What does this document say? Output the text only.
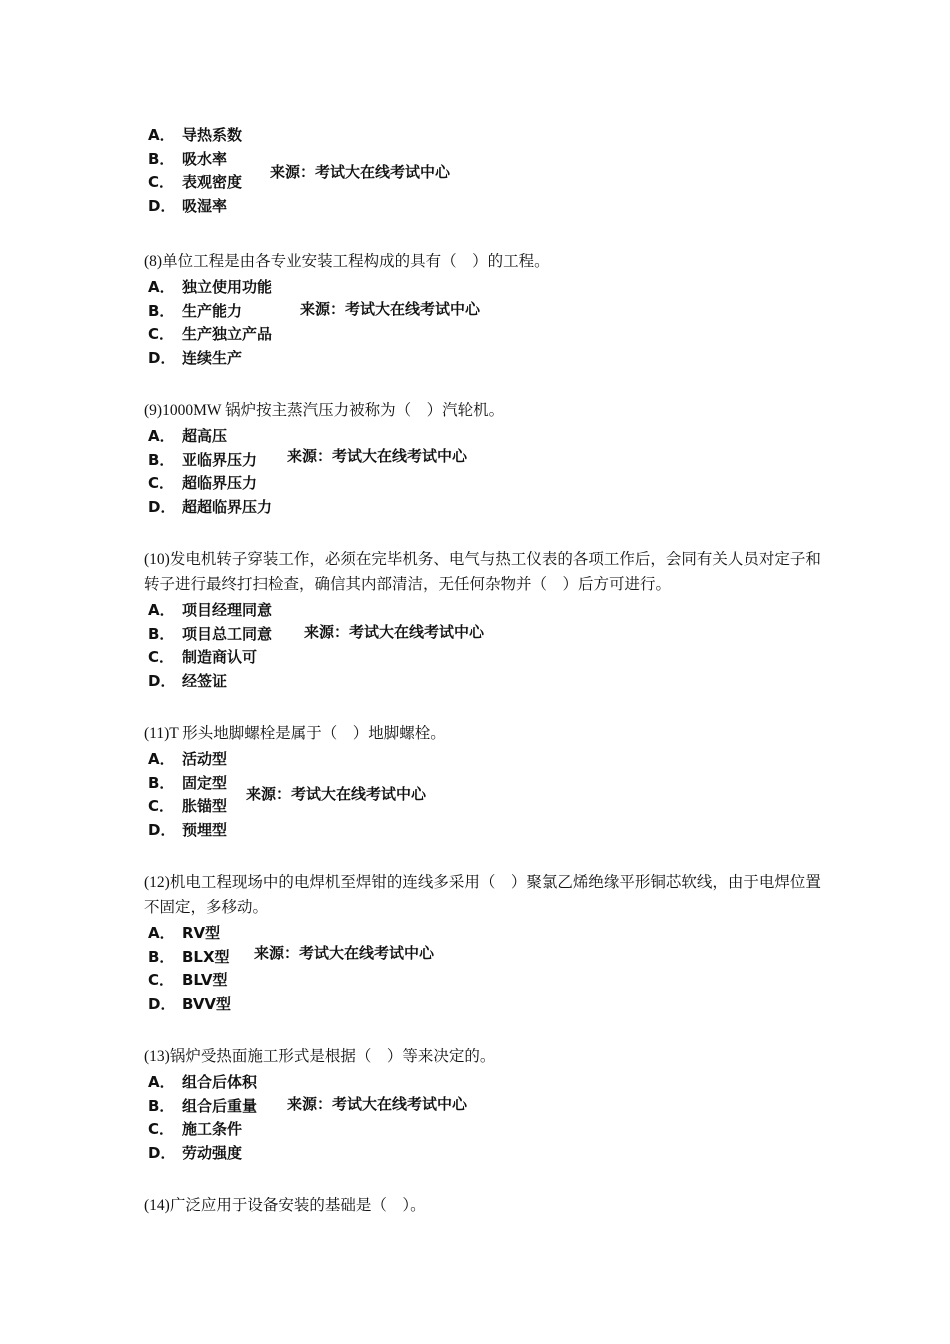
A． 导热系数
B． 吸水率
C． 表观密度
D． 吸湿率
来源：考试大在线考试中心

(8)单位工程是由各专业安装工程构成的具有（　）的工程。

A． 独立使用功能
B． 生产能力
C． 生产独立产品
D． 连续生产
来源：考试大在线考试中心

(9)1000MW 锅炉按主蒸汽压力被称为（　）汽轮机。

A． 超高压
B． 亚临界压力
C． 超临界压力
D． 超超临界压力
来源：考试大在线考试中心

(10)发电机转子穿装工作，必须在完毕机务、电气与热工仪表的各项工作后，会同有关人员对定子和转子进行最终打扫检查，确信其内部清洁，无任何杂物并（　）后方可进行。

A． 项目经理同意
B． 项目总工同意
C． 制造商认可
D． 经签证
来源：考试大在线考试中心

(11)T 形头地脚螺栓是属于（　）地脚螺栓。

A． 活动型
B． 固定型
C． 胀锚型
D． 预埋型
来源：考试大在线考试中心

(12)机电工程现场中的电焊机至焊钳的连线多采用（　）聚氯乙烯绝缘平形铜芯软线，由于电焊位置不固定，多移动。

A． RV型
B． BLX型
C． BLV型
D． BVV型
来源：考试大在线考试中心

(13)锅炉受热面施工形式是根据（　）等来决定的。

A． 组合后体积
B． 组合后重量
C． 施工条件
D． 劳动强度
来源：考试大在线考试中心

(14)广泛应用于设备安装的基础是（　）。
